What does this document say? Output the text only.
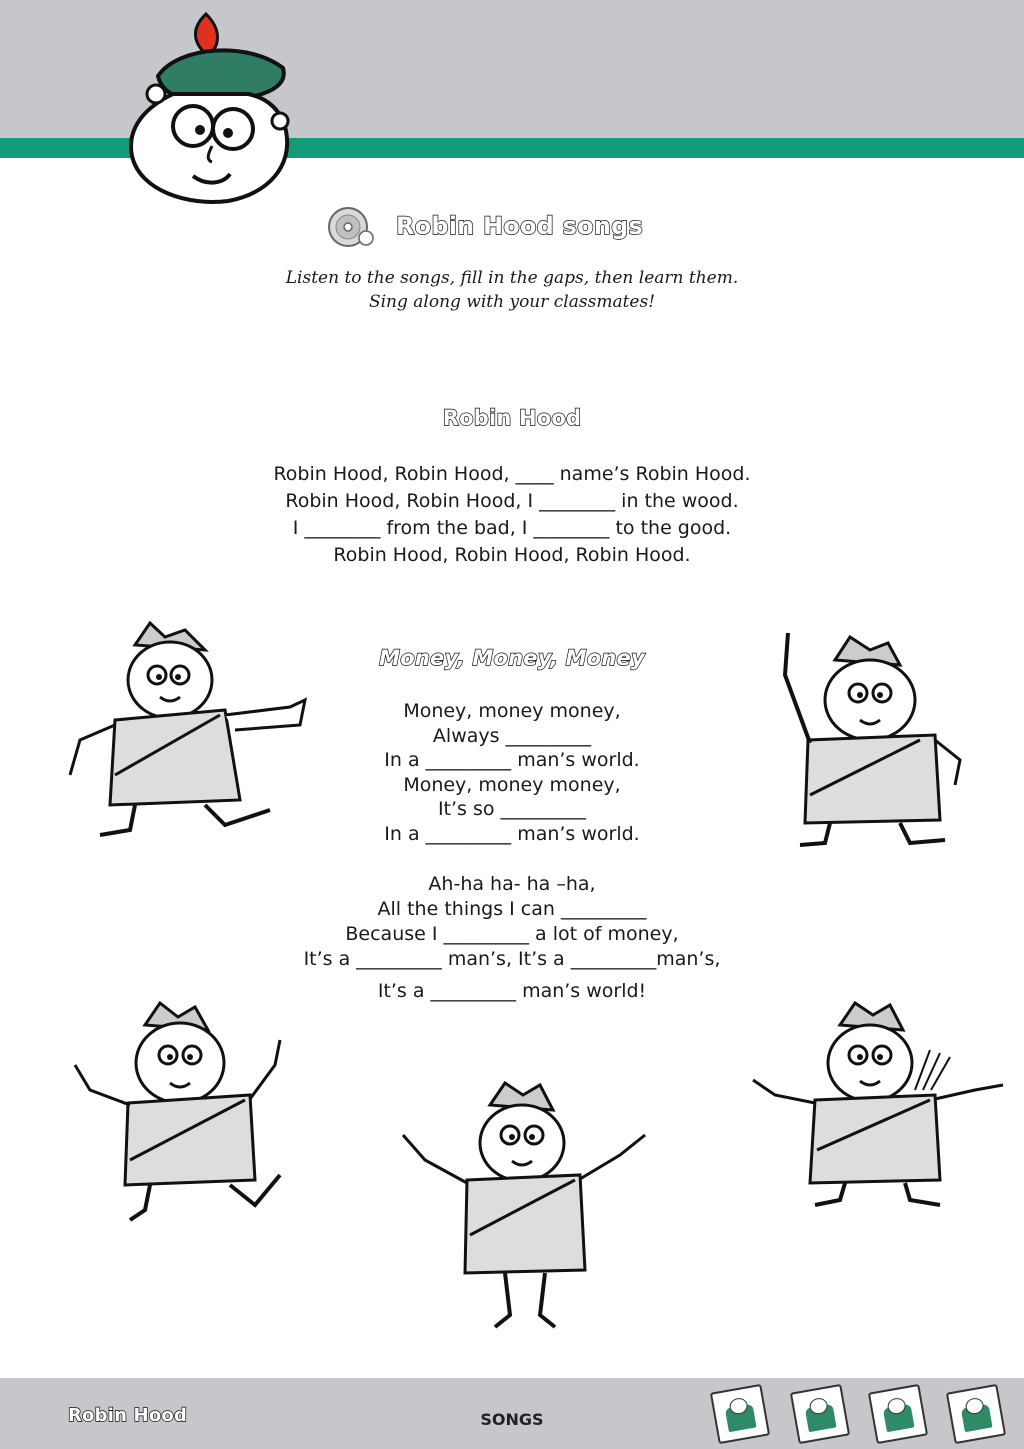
Robin Hood songs
Listen to the songs, fill in the gaps, then learn them.
Sing along with your classmates!
Robin Hood
Robin Hood, Robin Hood, ____ name’s Robin Hood.
Robin Hood, Robin Hood, I ________ in the wood.
I ________ from the bad, I ________ to the good.
Robin Hood, Robin Hood, Robin Hood.
Money, Money, Money
Money, money money,
Always _________
In a _________ man’s world.
Money, money money,
It’s so _________
In a _________ man’s world.
Ah-ha ha- ha –ha,
All the things I can _________
Because I _________ a lot of money,
It’s a _________ man’s, It’s a _________man’s,
It’s a _________ man’s world!
Robin Hood	SONGS
